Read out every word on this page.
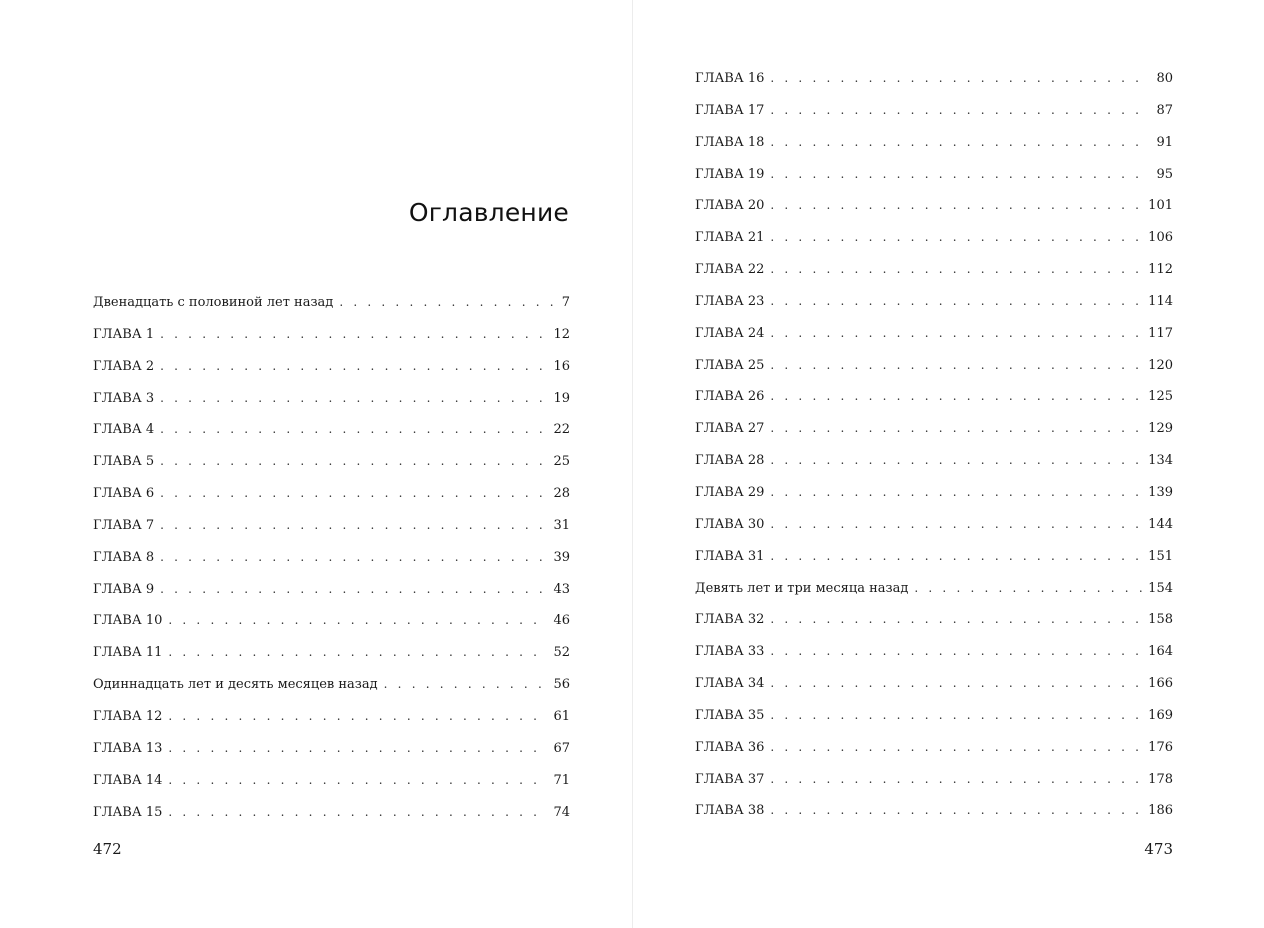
Оглавление
Двенадцать с половиной лет назад . . .	7
ГЛАВА 1 . . .	12
ГЛАВА 2 . . .	16
ГЛАВА 3 . . .	19
ГЛАВА 4 . . .	22
ГЛАВА 5 . . .	25
ГЛАВА 6 . . .	28
ГЛАВА 7 . . .	31
ГЛАВА 8 . . .	39
ГЛАВА 9 . . .	43
ГЛАВА 10 . . .	46
ГЛАВА 11 . . .	52
Одиннадцать лет и десять месяцев назад . . .	56
ГЛАВА 12 . . .	61
ГЛАВА 13 . . .	67
ГЛАВА 14 . . .	71
ГЛАВА 15 . . .	74

472

ГЛАВА 16 . . .	80
ГЛАВА 17 . . .	87
ГЛАВА 18 . . .	91
ГЛАВА 19 . . .	95
ГЛАВА 20 . . .	101
ГЛАВА 21 . . .	106
ГЛАВА 22 . . .	112
ГЛАВА 23 . . .	114
ГЛАВА 24 . . .	117
ГЛАВА 25 . . .	120
ГЛАВА 26 . . .	125
ГЛАВА 27 . . .	129
ГЛАВА 28 . . .	134
ГЛАВА 29 . . .	139
ГЛАВА 30 . . .	144
ГЛАВА 31 . . .	151
Девять лет и три месяца назад . . .	154
ГЛАВА 32 . . .	158
ГЛАВА 33 . . .	164
ГЛАВА 34 . . .	166
ГЛАВА 35 . . .	169
ГЛАВА 36 . . .	176
ГЛАВА 37 . . .	178
ГЛАВА 38 . . .	186

473
